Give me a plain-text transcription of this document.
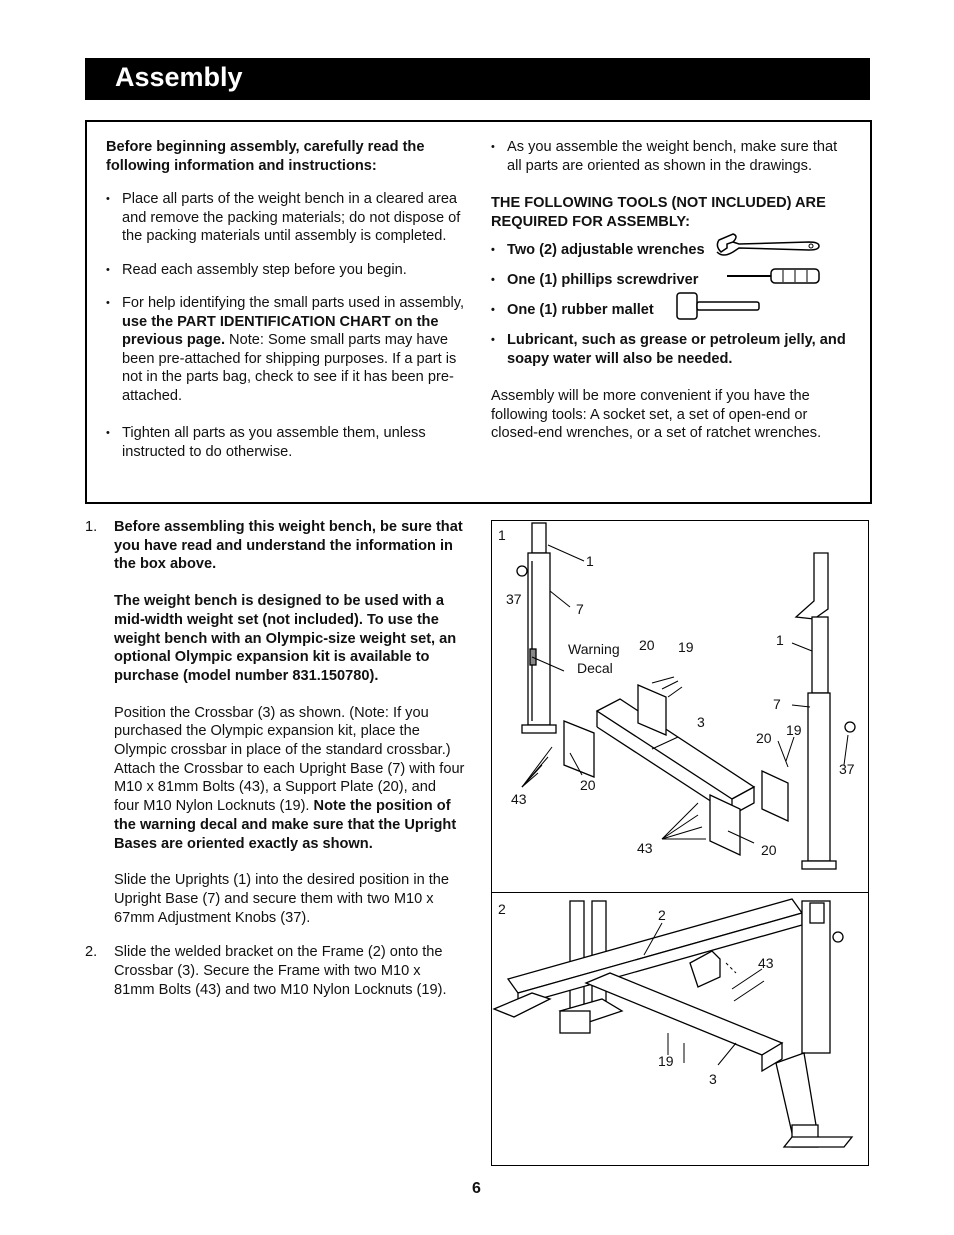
Assembly
Before beginning assembly, carefully read the following information and instructions:
• Place all parts of the weight bench in a cleared area and remove the packing materials; do not dispose of the packing materials until assembly is completed.
• Read each assembly step before you begin.
• For help identifying the small parts used in assembly, use the PART IDENTIFICATION CHART on the previous page. Note: Some small parts may have been pre-attached for shipping purposes. If a part is not in the parts bag, check to see if it has been pre-attached.
• Tighten all parts as you assemble them, unless instructed to do otherwise.
• As you assemble the weight bench, make sure that all parts are oriented as shown in the drawings.
THE FOLLOWING TOOLS (NOT INCLUDED) ARE REQUIRED FOR ASSEMBLY:
• Two (2) adjustable wrenches
• One (1) phillips screwdriver
• One (1) rubber mallet
• Lubricant, such as grease or petroleum jelly, and soapy water will also be needed.
Assembly will be more convenient if you have the following tools: A socket set, a set of open-end or closed-end wrenches, or a set of ratchet wrenches.
1. Before assembling this weight bench, be sure that you have read and understand the information in the box above.
The weight bench is designed to be used with a mid-width weight set (not included). To use the weight bench with an Olympic-size weight set, an optional Olympic expansion kit is available to purchase (model number 831.150780).
Position the Crossbar (3) as shown. (Note: If you purchased the Olympic expansion kit, place the Olympic crossbar in place of the standard crossbar.) Attach the Crossbar to each Upright Base (7) with four M10 x 81mm Bolts (43), a Support Plate (20), and four M10 Nylon Locknuts (19). Note the position of the warning decal and make sure that the Upright Bases are oriented exactly as shown.
Slide the Uprights (1) into the desired position in the Upright Base (7) and secure them with two M10 x 67mm Adjustment Knobs (37).
2. Slide the welded bracket on the Frame (2) onto the Crossbar (3). Secure the Frame with two M10 x 81mm Bolts (43) and two M10 Nylon Locknuts (19).
1
1
37
7
Warning
Decal
20 19
3
1
7
20 19
37
43
20
43	20
2	2
43
19
3
6
